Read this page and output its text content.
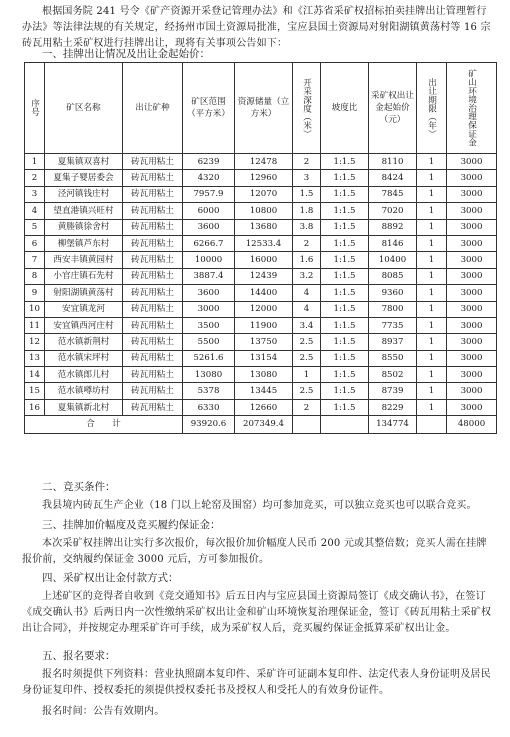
根据国务院 241 号令《矿产资源开采登记管理办法》和《江苏省采矿权招标拍卖挂牌出让管理暂行办法》等法律法规的有关规定，经扬州市国土资源局批准，宝应县国土资源局对射阳湖镇黄荡村等 16 宗砖瓦用粘土采矿权进行挂牌出让，现将有关事项公告如下：
一、挂牌出让情况及出让金起始价：
序号	矿区名称	出让矿种	矿区范围（平方米）	资源储量（立方米）	开采深度（米）	坡度比	采矿权出让金起始价（元）	出让期限（年）	矿山环境治理保证金

1	夏集镇双喜村	砖瓦用粘土	6239	12478	2	1:1.5	8110	1	3000
2	夏集子婴居委会	砖瓦用粘土	4320	12960	3	1:1.5	8424	1	3000
3	泾河镇钱庄村	砖瓦用粘土	7957.9	12070	1.5	1:1.5	7845	1	3000
4	望直港镇兴旺村	砖瓦用粘土	6000	10800	1.8	1:1.5	7020	1	3000
5	黄塍镇徐舍村	砖瓦用粘土	3600	13680	3.8	1:1.5	8892	1	3000
6	柳堡镇芦东村	砖瓦用粘土	6266.7	12533.4	2	1:1.5	8146	1	3000
7	西安丰镇黄园村	砖瓦用粘土	10000	16000	1.6	1:1.5	10400	1	3000
8	小官庄镇石先村	砖瓦用粘土	3887.4	12439	3.2	1:1.5	8085	1	3000
9	射阳湖镇黄荡村	砖瓦用粘土	3600	14400	4	1:1.5	9360	1	3000
10	安宜镇龙河	砖瓦用粘土	3000	12000	4	1:1.5	7800	1	3000
11	安宜镇西河庄村	砖瓦用粘土	3500	11900	3.4	1:1.5	7735	1	3000
12	范水镇新荆村	砖瓦用粘土	5500	13750	2.5	1:1.5	8937	1	3000
13	范水镇宋坪村	砖瓦用粘土	5261.6	13154	2.5	1:1.5	8550	1	3000
14	范水镇郎儿村	砖瓦用粘土	13080	13080	1	1:1.5	8502	1	3000
15	范水镇噂坊村	砖瓦用粘土	5378	13445	2.5	1:1.5	8739	1	3000
16	夏集镇新北村	砖瓦用粘土	6330	12660	2	1:1.5	8229	1	3000
合　　计			93920.6	207349.4			134774		48000
二、竞买条件：
我县境内砖瓦生产企业（18 门以上轮窑及围窑）均可参加竞买，可以独立竞买也可以联合竞买。
三、挂牌加价幅度及竞买履约保证金：
本次采矿权挂牌出让实行多次报价，每次报价加价幅度人民币 200 元或其整倍数；竞买人需在挂牌报价前，交纳履约保证金 3000 元后，方可参加报价。
四、采矿权出让金付款方式：
上述矿区的竞得者自收到《竞交通知书》后五日内与宝应县国土资源局签订《成交确认书》，在签订《成交确认书》后两日内一次性缴纳采矿权出让金和矿山环境恢复治理保证金，签订《砖瓦用粘土采矿权出让合同》，并按规定办理采矿许可手续，成为采矿权人后，竞买履约保证金抵算采矿权出让金。
五、报名要求：
报名时须提供下列资料：营业执照副本复印件、采矿许可证副本复印件、法定代表人身份证明及居民身份证复印件、授权委托的须提供授权委托书及授权人和受托人的有效身份证件。
报名时间：公告有效期内。
